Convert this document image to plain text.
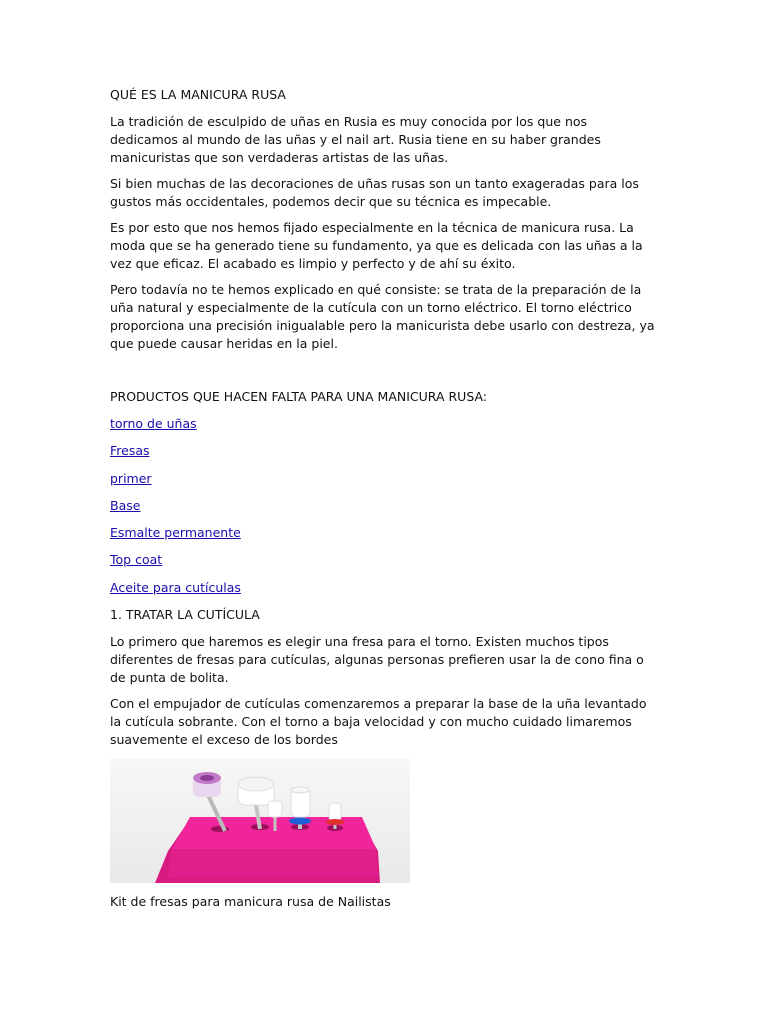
QUÉ ES LA MANICURA RUSA

La tradición de esculpido de uñas en Rusia es muy conocida por los que nos dedicamos al mundo de las uñas y el nail art. Rusia tiene en su haber grandes manicuristas que son verdaderas artistas de las uñas.

Si bien muchas de las decoraciones de uñas rusas son un tanto exageradas para los gustos más occidentales, podemos decir que su técnica es impecable.

Es por esto que nos hemos fijado especialmente en la técnica de manicura rusa. La moda que se ha generado tiene su fundamento, ya que es delicada con las uñas a la vez que eficaz. El acabado es limpio y perfecto y de ahí su éxito.

Pero todavía no te hemos explicado en qué consiste: se trata de la preparación de la uña natural y especialmente de la cutícula con un torno eléctrico. El torno eléctrico proporciona una precisión inigualable pero la manicurista debe usarlo con destreza, ya que puede causar heridas en la piel.

PRODUCTOS QUE HACEN FALTA PARA UNA MANICURA RUSA:

torno de uñas
Fresas
primer
Base
Esmalte permanente
Top coat
Aceite para cutículas

1. TRATAR LA CUTÍCULA

Lo primero que haremos es elegir una fresa para el torno. Existen muchos tipos diferentes de fresas para cutículas, algunas personas prefieren usar la de cono fina o de punta de bolita.

Con el empujador de cutículas comenzaremos a preparar la base de la uña levantado la cutícula sobrante. Con el torno a baja velocidad y con mucho cuidado limaremos suavemente el exceso de los bordes

Kit de fresas para manicura rusa de Nailistas
